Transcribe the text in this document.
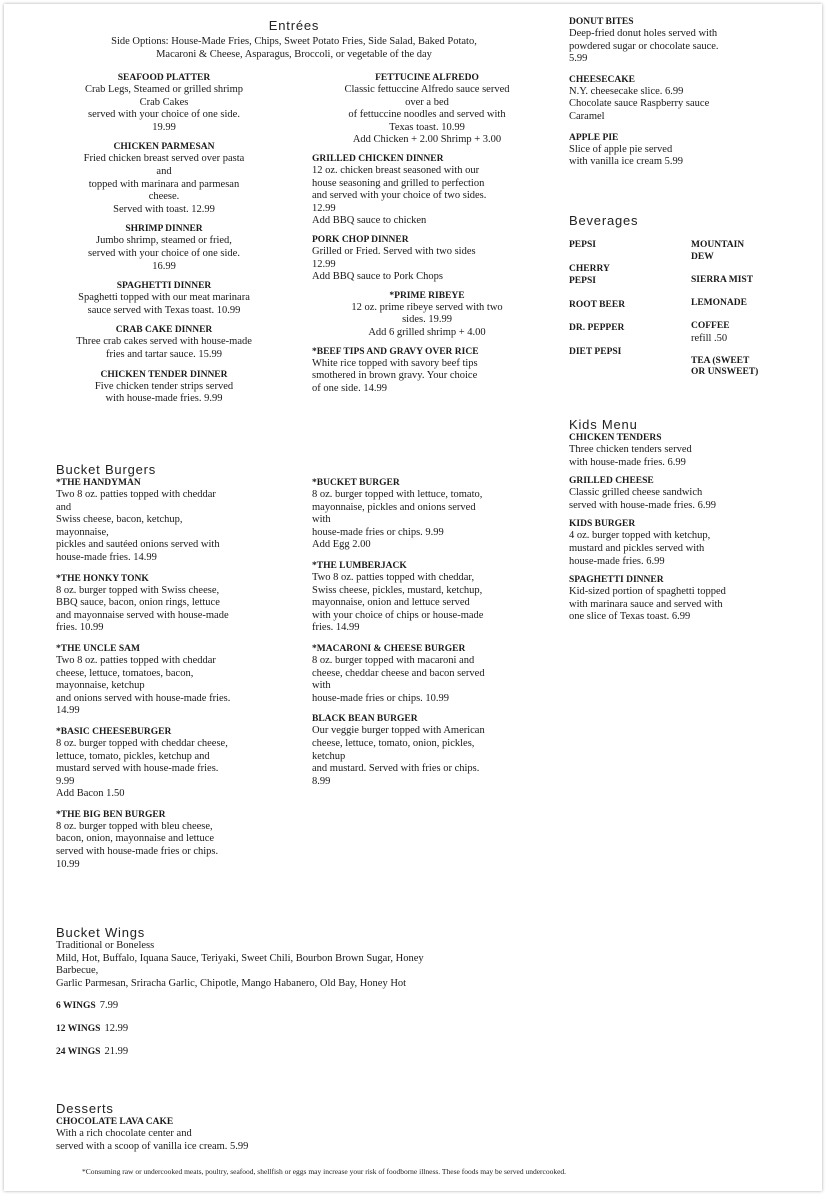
Entrées
Side Options: House-Made Fries, Chips, Sweet Potato Fries, Side Salad, Baked Potato,
Macaroni & Cheese, Asparagus, Broccoli, or vegetable of the day
SEAFOOD PLATTER
Crab Legs, Steamed or grilled shrimp
Crab Cakes
served with your choice of one side.
19.99
CHICKEN PARMESAN
Fried chicken breast served over pasta
and
topped with marinara and parmesan
cheese.
Served with toast. 12.99
SHRIMP DINNER
Jumbo shrimp, steamed or fried,
served with your choice of one side.
16.99
SPAGHETTI DINNER
Spaghetti topped with our meat marinara
sauce served with Texas toast. 10.99
CRAB CAKE DINNER
Three crab cakes served with house-made
fries and tartar sauce. 15.99
CHICKEN TENDER DINNER
Five chicken tender strips served
with house-made fries. 9.99
FETTUCINE ALFREDO
Classic fettuccine Alfredo sauce served
over a bed
of fettuccine noodles and served with
Texas toast. 10.99
Add Chicken + 2.00 Shrimp + 3.00
GRILLED CHICKEN DINNER
12 oz. chicken breast seasoned with our
house seasoning and grilled to perfection
and served with your choice of two sides.
12.99
Add BBQ sauce to chicken
PORK CHOP DINNER
Grilled or Fried. Served with two sides
12.99
Add BBQ sauce to Pork Chops
*PRIME RIBEYE
12 oz. prime ribeye served with two
sides. 19.99
Add 6 grilled shrimp + 4.00
*BEEF TIPS AND GRAVY OVER RICE
White rice topped with savory beef tips
smothered in brown gravy. Your choice
of one side. 14.99
DONUT BITES
Deep-fried donut holes served with
powdered sugar or chocolate sauce.
5.99
CHEESECAKE
N.Y. cheesecake slice. 6.99
Chocolate sauce Raspberry sauce
Caramel
APPLE PIE
Slice of apple pie served
with vanilla ice cream 5.99
Beverages
PEPSI
CHERRY
PEPSI
ROOT BEER
DR. PEPPER
DIET PEPSI
MOUNTAIN
DEW
SIERRA MIST
LEMONADE
COFFEE
refill .50
TEA (SWEET
OR UNSWEET)
Kids Menu
CHICKEN TENDERS
Three chicken tenders served
with house-made fries. 6.99
GRILLED CHEESE
Classic grilled cheese sandwich
served with house-made fries. 6.99
KIDS BURGER
4 oz. burger topped with ketchup,
mustard and pickles served with
house-made fries. 6.99
SPAGHETTI DINNER
Kid-sized portion of spaghetti topped
with marinara sauce and served with
one slice of Texas toast. 6.99
Bucket Burgers
*THE HANDYMAN
Two 8 oz. patties topped with cheddar
and
Swiss cheese, bacon, ketchup,
mayonnaise,
pickles and sautéed onions served with
house-made fries. 14.99
*THE HONKY TONK
8 oz. burger topped with Swiss cheese,
BBQ sauce, bacon, onion rings, lettuce
and mayonnaise served with house-made
fries. 10.99
*THE UNCLE SAM
Two 8 oz. patties topped with cheddar
cheese, lettuce, tomatoes, bacon,
mayonnaise, ketchup
and onions served with house-made fries.
14.99
*BASIC CHEESEBURGER
8 oz. burger topped with cheddar cheese,
lettuce, tomato, pickles, ketchup and
mustard served with house-made fries.
9.99
Add Bacon 1.50
*THE BIG BEN BURGER
8 oz. burger topped with bleu cheese,
bacon, onion, mayonnaise and lettuce
served with house-made fries or chips.
10.99
*BUCKET BURGER
8 oz. burger topped with lettuce, tomato,
mayonnaise, pickles and onions served
with
house-made fries or chips. 9.99
Add Egg 2.00
*THE LUMBERJACK
Two 8 oz. patties topped with cheddar,
Swiss cheese, pickles, mustard, ketchup,
mayonnaise, onion and lettuce served
with your choice of chips or house-made
fries. 14.99
*MACARONI & CHEESE BURGER
8 oz. burger topped with macaroni and
cheese, cheddar cheese and bacon served
with
house-made fries or chips. 10.99
BLACK BEAN BURGER
Our veggie burger topped with American
cheese, lettuce, tomato, onion, pickles,
ketchup
and mustard. Served with fries or chips.
8.99
Bucket Wings
Traditional or Boneless
Mild, Hot, Buffalo, Iquana Sauce, Teriyaki, Sweet Chili, Bourbon Brown Sugar, Honey
Barbecue,
Garlic Parmesan, Sriracha Garlic, Chipotle, Mango Habanero, Old Bay, Honey Hot
6 WINGS 7.99
12 WINGS 12.99
24 WINGS 21.99
Desserts
CHOCOLATE LAVA CAKE
With a rich chocolate center and
served with a scoop of vanilla ice cream. 5.99
*Consuming raw or undercooked meats, poultry, seafood, shellfish or eggs may increase your risk of foodborne illness. These foods may be served undercooked.
